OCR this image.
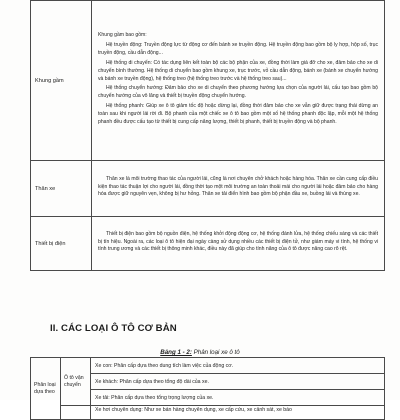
Khung gầm	Khung gầm bao gồm:

Hệ truyền động: Truyền động lực từ động cơ đến bánh xe truyền động. Hệ truyền động bao gồm bộ ly hợp, hộp số, trục truyền động, cầu dẫn động...

Hệ thống di chuyển: Có tác dụng liên kết toàn bộ các bộ phận của xe, đồng thời làm giá đỡ cho xe, đảm bảo cho xe di chuyển bình thường. Hệ thống di chuyển bao gồm khung xe, trục trước, vỏ cầu dẫn động, bánh xe (bánh xe chuyển hướng và bánh xe truyền động), hệ thống treo (hệ thống treo trước và hệ thống treo sau)...

Hệ thống chuyển hướng: Đảm bảo cho xe di chuyển theo phương hướng lựa chọn của người lái, cấu tạo bao gồm bộ chuyển hướng của vô lăng và thiết bị truyền động chuyển hướng.

Hệ thống phanh: Giúp xe ô tô giảm tốc độ hoặc dừng lại, đồng thời đảm bảo cho xe vẫn giữ được trạng thái dừng an toàn sau khi người lái rời đi. Bộ phanh của một chiếc xe ô tô bao gồm một số hệ thống phanh độc lập, mỗi một hệ thống phanh đều được cấu tạo từ thiết bị cung cấp năng lượng, thiết bị phanh, thiết bị truyền động và bộ phanh.

Thân xe	Thân xe là môi trường thao tác của người lái, cũng là nơi chuyên chở khách hoặc hàng hóa. Thân xe cần cung cấp điều kiện thao tác thuận lợi cho người lái, đồng thời tạo một môi trường an toàn thoải mái cho người lái hoặc đảm bảo cho hàng hóa được giữ nguyên vẹn, không bị hư hỏng. Thân xe tải điển hình bao gồm bộ phận đầu xe, buồng lái và thùng xe.

Thiết bị điện	Thiết bị điện bao gồm bộ nguồn điện, hệ thống khởi động động cơ, hệ thống đánh lửa, hệ thống chiếu sáng và các thiết bị tín hiệu. Ngoài ra, các loại ô tô hiện đại ngày càng sử dụng nhiều các thiết bị điện tử, như giám máy vi tính, hệ thống vi tính trung ương và các thiết bị thông minh khác, điều này đã giúp cho tính năng của ô tô được nâng cao rõ rệt.

II. CÁC LOẠI Ô TÔ CƠ BẢN
Bảng 1 - 2: Phân loại xe ô tô
Phân loại dựa theo	Ô tô vận chuyển	Xe con: Phân cấp dựa theo dung tích làm việc của động cơ.
		Xe khách: Phân cấp dựa theo tổng độ dài của xe.
		Xe tải: Phân cấp dựa theo tổng trọng lượng của xe.
		Xe hơi chuyên dụng: Như xe bán hàng chuyên dụng, xe cấp cứu, xe cảnh sát, xe báo
